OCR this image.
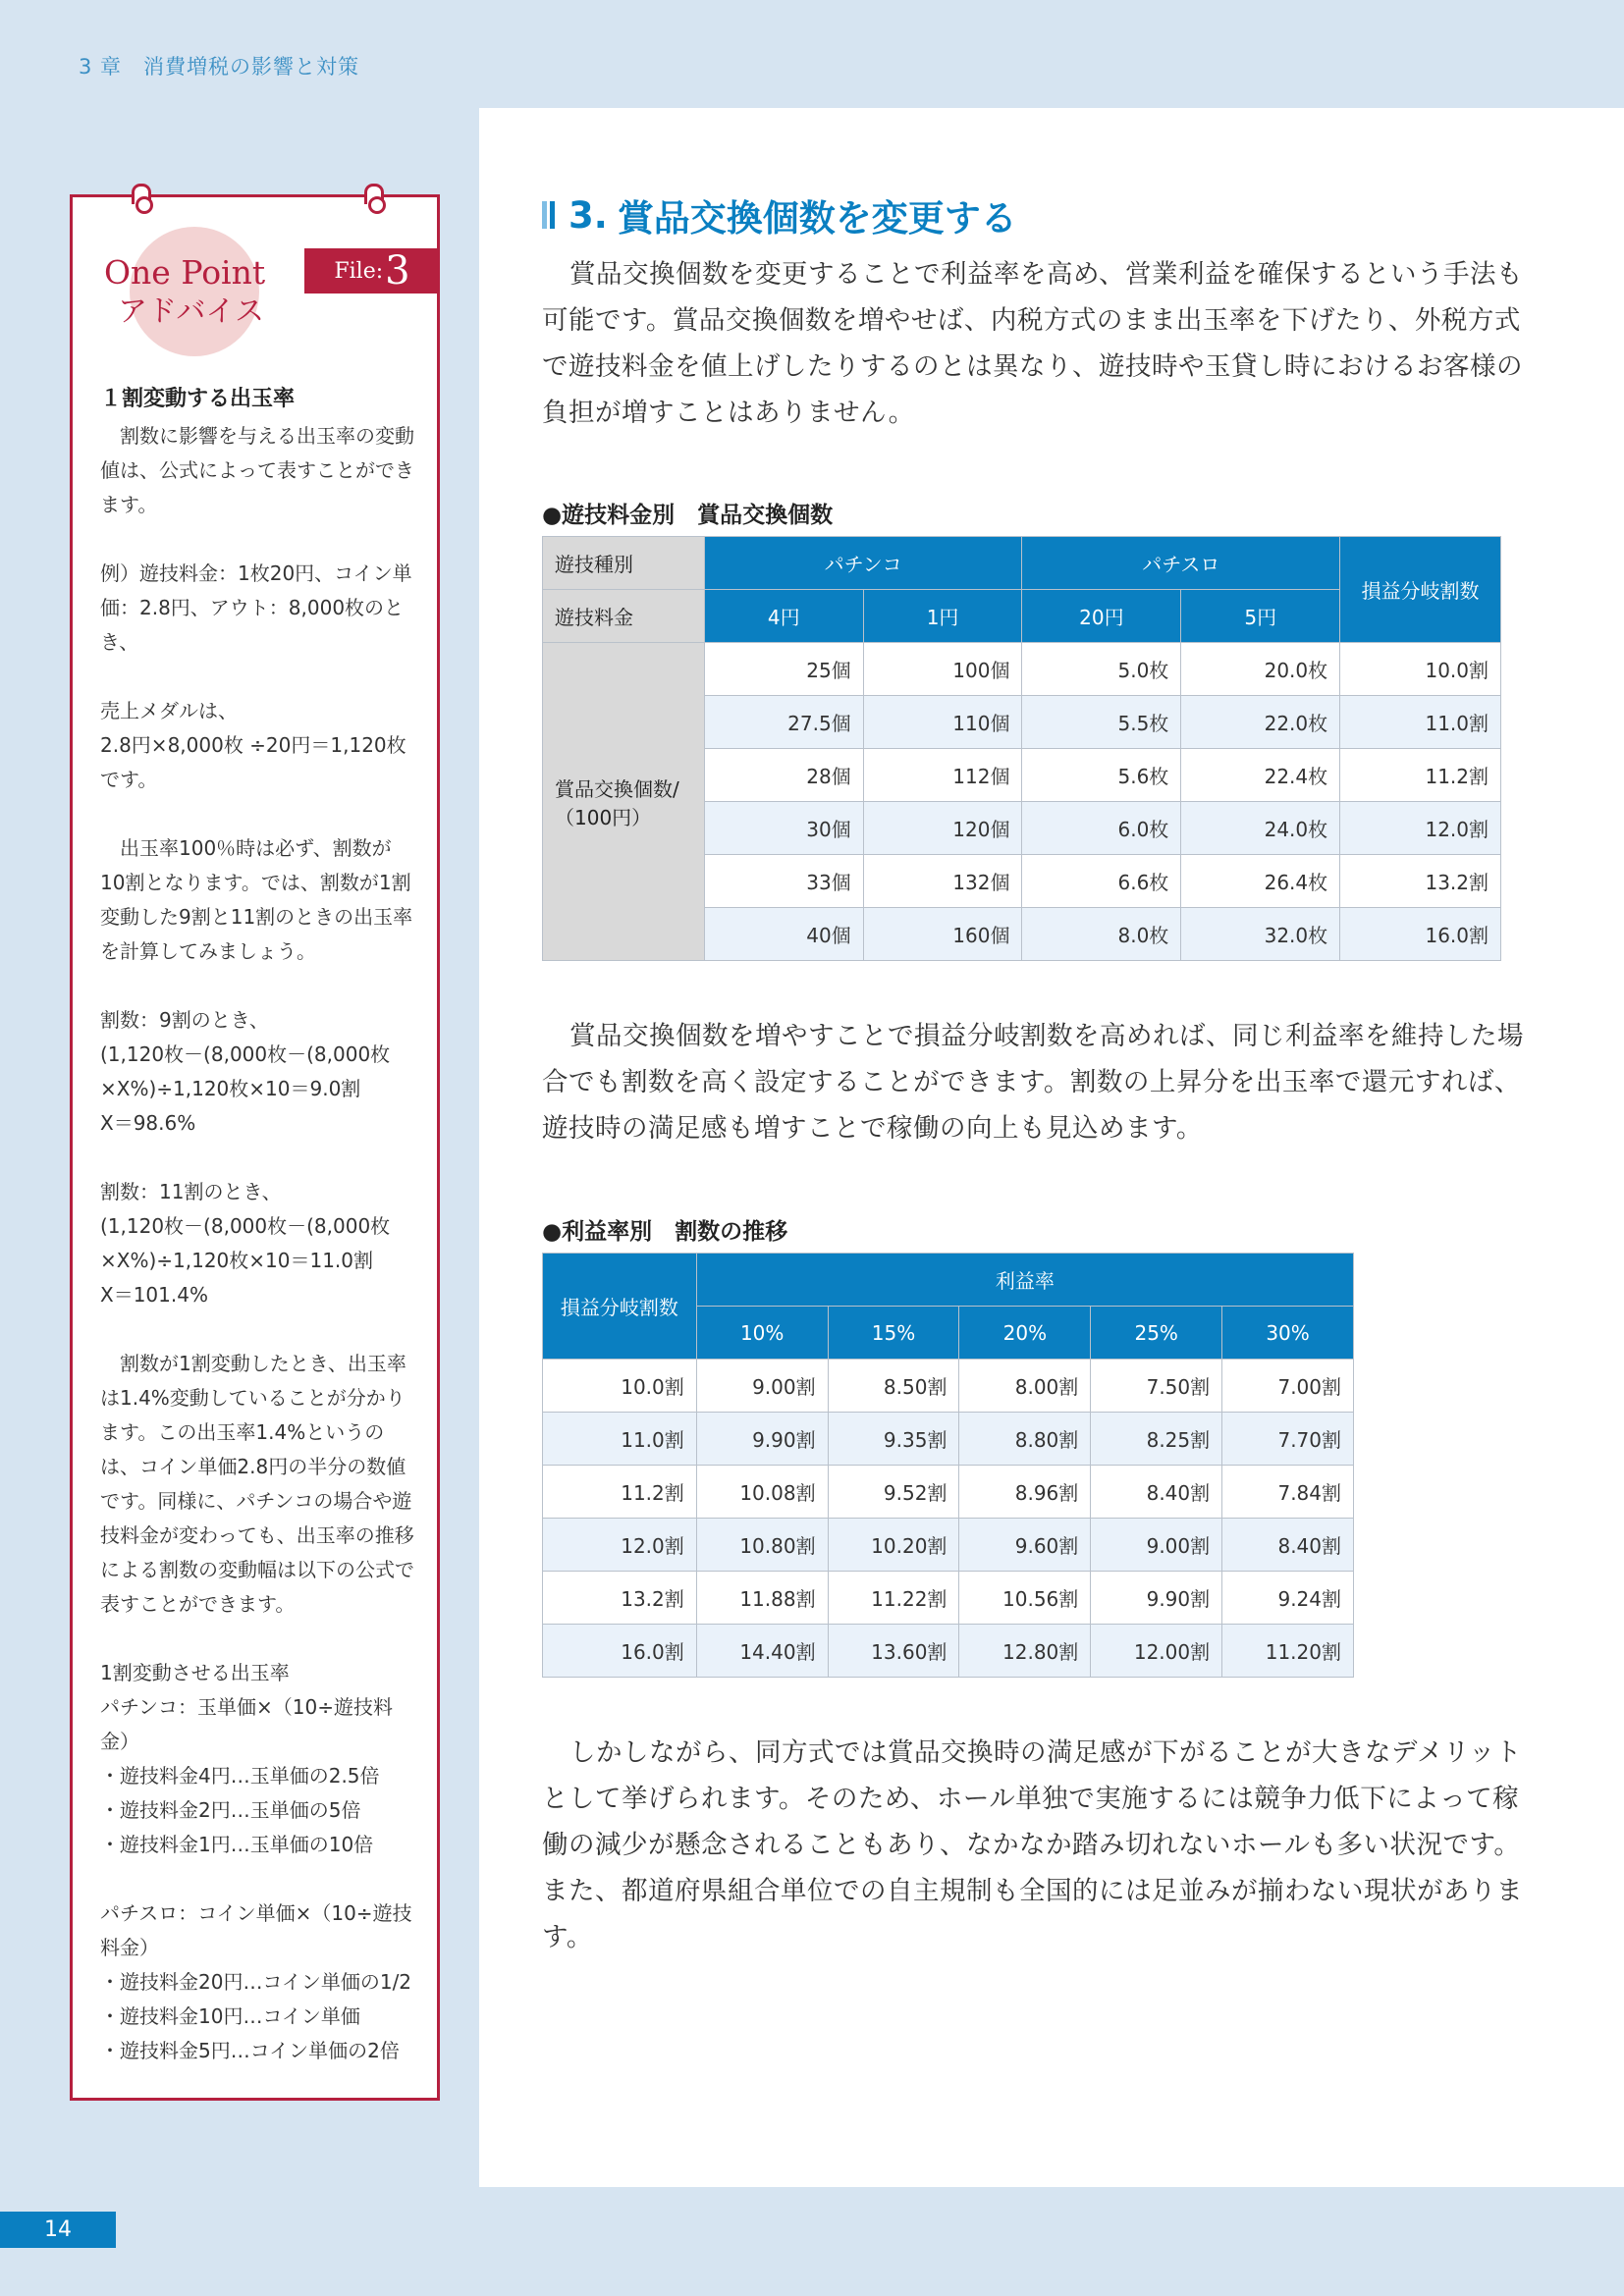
3 章　消費増税の影響と対策
One Point
アドバイス
File: 3

１割変動する出玉率

割数に影響を与える出玉率の変動値は、公式によって表すことができます。

例）遊技料金：1枚20円、コイン単価：2.8円、アウト：8,000枚のとき、

売上メダルは、

2.8円×8,000枚 ÷20円＝1,120枚です。

出玉率100％時は必ず、割数が10割となります。では、割数が1割変動した9割と11割のときの出玉率を計算してみましょう。

割数：9割のとき、

(1,120枚－(8,000枚－(8,000枚×X%)÷1,120枚×10＝9.0割

X＝98.6%

割数：11割のとき、

(1,120枚－(8,000枚－(8,000枚×X%)÷1,120枚×10＝11.0割

X＝101.4%

割数が1割変動したとき、出玉率は1.4%変動していることが分かります。この出玉率1.4%というのは、コイン単価2.8円の半分の数値です。同様に、パチンコの場合や遊技料金が変わっても、出玉率の推移による割数の変動幅は以下の公式で表すことができます。

1割変動させる出玉率

パチンコ：玉単価×（10÷遊技料金）

・遊技料金4円…玉単価の2.5倍

・遊技料金2円…玉単価の5倍

・遊技料金1円…玉単価の10倍

パチスロ：コイン単価×（10÷遊技料金）

・遊技料金20円…コイン単価の1/2

・遊技料金10円…コイン単価

・遊技料金5円…コイン単価の2倍

3. 賞品交換個数を変更する

賞品交換個数を変更することで利益率を高め、営業利益を確保するという手法も可能です。賞品交換個数を増やせば、内税方式のまま出玉率を下げたり、外税方式で遊技料金を値上げしたりするのとは異なり、遊技時や玉貸し時におけるお客様の負担が増すことはありません。

●遊技料金別　賞品交換個数
遊技種別	パチンコ		パチスロ		損益分岐割数
遊技料金	4円	1円	20円	5円	
賞品交換個数/（100円）	25個	100個	5.0枚	20.0枚	10.0割
	27.5個	110個	5.5枚	22.0枚	11.0割
	28個	112個	5.6枚	22.4枚	11.2割
	30個	120個	6.0枚	24.0枚	12.0割
	33個	132個	6.6枚	26.4枚	13.2割
	40個	160個	8.0枚	32.0枚	16.0割

賞品交換個数を増やすことで損益分岐割数を高めれば、同じ利益率を維持した場合でも割数を高く設定することができます。割数の上昇分を出玉率で還元すれば、遊技時の満足感も増すことで稼働の向上も見込めます。

●利益率別　割数の推移
損益分岐割数	利益率				
	10%	15%	20%	25%	30%
10.0割	9.00割	8.50割	8.00割	7.50割	7.00割
11.0割	9.90割	9.35割	8.80割	8.25割	7.70割
11.2割	10.08割	9.52割	8.96割	8.40割	7.84割
12.0割	10.80割	10.20割	9.60割	9.00割	8.40割
13.2割	11.88割	11.22割	10.56割	9.90割	9.24割
16.0割	14.40割	13.60割	12.80割	12.00割	11.20割

しかしながら、同方式では賞品交換時の満足感が下がることが大きなデメリットとして挙げられます。そのため、ホール単独で実施するには競争力低下によって稼働の減少が懸念されることもあり、なかなか踏み切れないホールも多い状況です。また、都道府県組合単位での自主規制も全国的には足並みが揃わない現状があります。

14
